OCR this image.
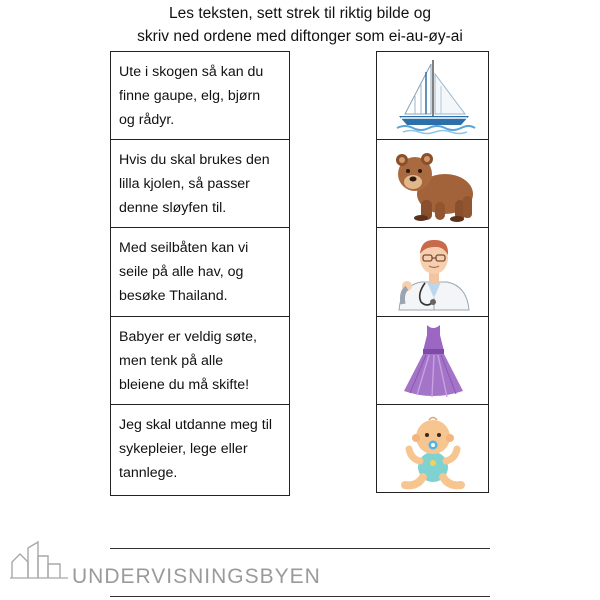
Les teksten, sett strek til riktig bilde og
skriv ned ordene med diftonger som ei-au-øy-ai
Ute i skogen så kan du
finne gaupe, elg, bjørn
og rådyr.
Hvis du skal brukes den
lilla kjolen, så passer
denne sløyfen til.
Med seilbåten kan vi
seile på alle hav, og
besøke Thailand.
Babyer er veldig søte,
men tenk på alle
bleiene du må skifte!
Jeg skal utdanne meg til
sykepleier, lege eller
tannlege.
UNDERVISNINGSBYEN
